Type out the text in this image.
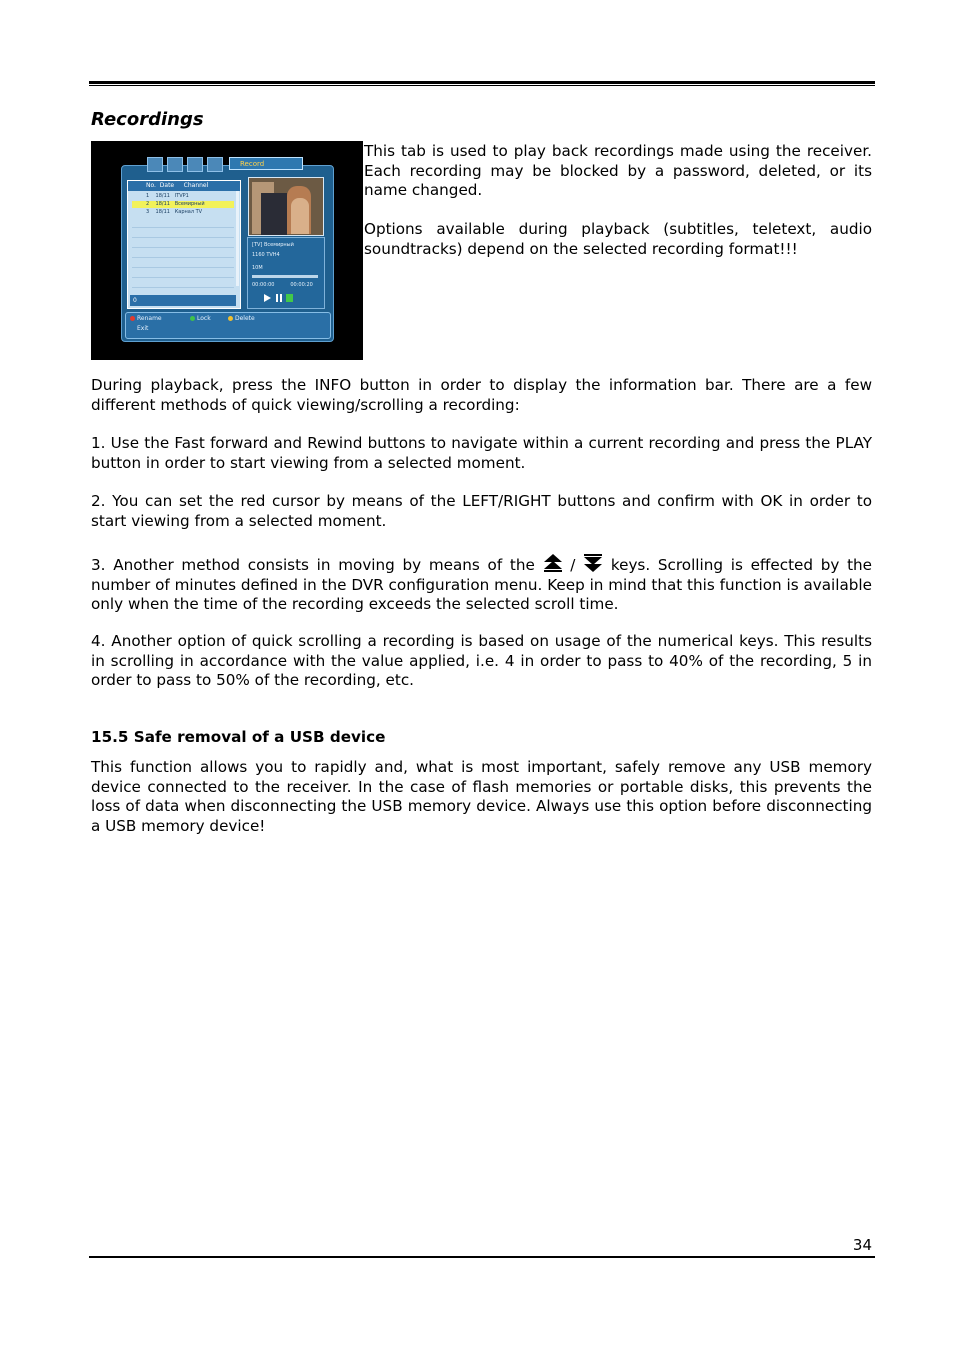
Recordings
Record
No.  Date     Channel
1    18/11   ITVP1
2    18/11   Всемирный
3    18/11   Карнал TV
0
[TV] Всемирный
1160 TVH4
10M
00:00:00          00:00:20
Rename	Lock	Delete
Exit

This tab is used to play back recordings made using the receiver. Each recording may be blocked by a password, deleted, or its name changed.

Options available during playback (subtitles, teletext, audio soundtracks) depend on the selected recording format!!!

During playback, press the INFO button in order to display the information bar. There are a few different methods of quick viewing/scrolling a recording:

1. Use the Fast forward and Rewind buttons to navigate within a current recording and press the PLAY button in order to start viewing from a selected moment.

2. You can set the red cursor by means of the LEFT/RIGHT buttons and confirm with OK in order to start viewing from a selected moment.

3. Another method consists in moving by means of the  /  keys. Scrolling is effected by the number of minutes defined in the DVR configuration menu. Keep in mind that this function is available only when the time of the recording exceeds the selected scroll time.

4. Another option of quick scrolling a recording is based on usage of the numerical keys. This results in scrolling in accordance with the value applied, i.e. 4 in order to pass to 40% of the recording, 5 in order to pass to 50% of the recording, etc.

15.5 Safe removal of a USB device

This function allows you to rapidly and, what is most important, safely remove any USB memory device connected to the receiver. In the case of flash memories or portable disks, this prevents the loss of data when disconnecting the USB memory device. Always use this option before disconnecting a USB memory device!

34
